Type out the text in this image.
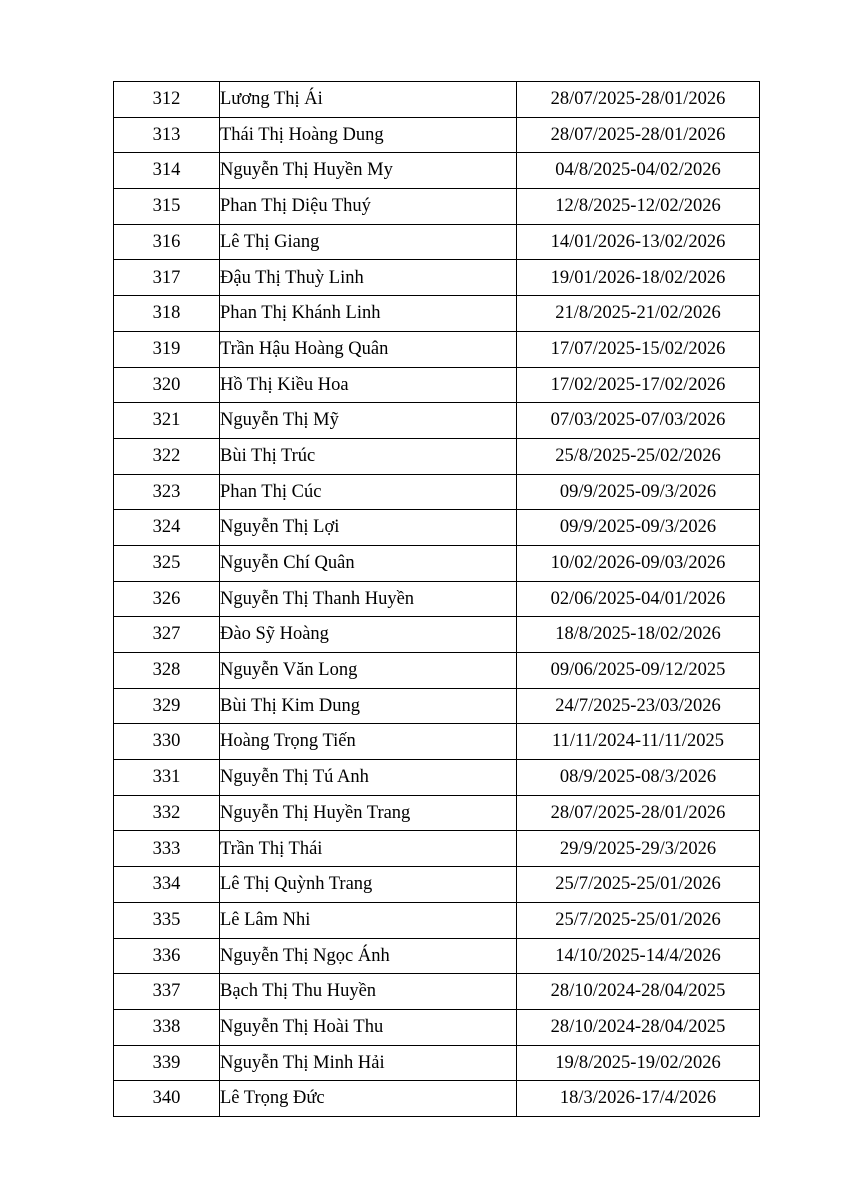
312	Lương Thị Ái	28/07/2025-28/01/2026
313	Thái Thị Hoàng Dung	28/07/2025-28/01/2026
314	Nguyễn Thị Huyền My	04/8/2025-04/02/2026
315	Phan Thị Diệu Thuý	12/8/2025-12/02/2026
316	Lê Thị Giang	14/01/2026-13/02/2026
317	Đậu Thị Thuỳ Linh	19/01/2026-18/02/2026
318	Phan Thị Khánh Linh	21/8/2025-21/02/2026
319	Trần Hậu Hoàng Quân	17/07/2025-15/02/2026
320	Hồ Thị Kiều Hoa	17/02/2025-17/02/2026
321	Nguyễn Thị Mỹ	07/03/2025-07/03/2026
322	Bùi Thị Trúc	25/8/2025-25/02/2026
323	Phan Thị Cúc	09/9/2025-09/3/2026
324	Nguyễn Thị Lợi	09/9/2025-09/3/2026
325	Nguyễn Chí Quân	10/02/2026-09/03/2026
326	Nguyễn Thị Thanh Huyền	02/06/2025-04/01/2026
327	Đào Sỹ Hoàng	18/8/2025-18/02/2026
328	Nguyễn Văn Long	09/06/2025-09/12/2025
329	Bùi Thị Kim Dung	24/7/2025-23/03/2026
330	Hoàng Trọng Tiến	11/11/2024-11/11/2025
331	Nguyễn Thị Tú Anh	08/9/2025-08/3/2026
332	Nguyễn Thị Huyền Trang	28/07/2025-28/01/2026
333	Trần Thị Thái	29/9/2025-29/3/2026
334	Lê Thị Quỳnh Trang	25/7/2025-25/01/2026
335	Lê Lâm Nhi	25/7/2025-25/01/2026
336	Nguyễn Thị Ngọc Ánh	14/10/2025-14/4/2026
337	Bạch Thị Thu Huyền	28/10/2024-28/04/2025
338	Nguyễn Thị Hoài Thu	28/10/2024-28/04/2025
339	Nguyễn Thị Minh Hải	19/8/2025-19/02/2026
340	Lê Trọng Đức	18/3/2026-17/4/2026
